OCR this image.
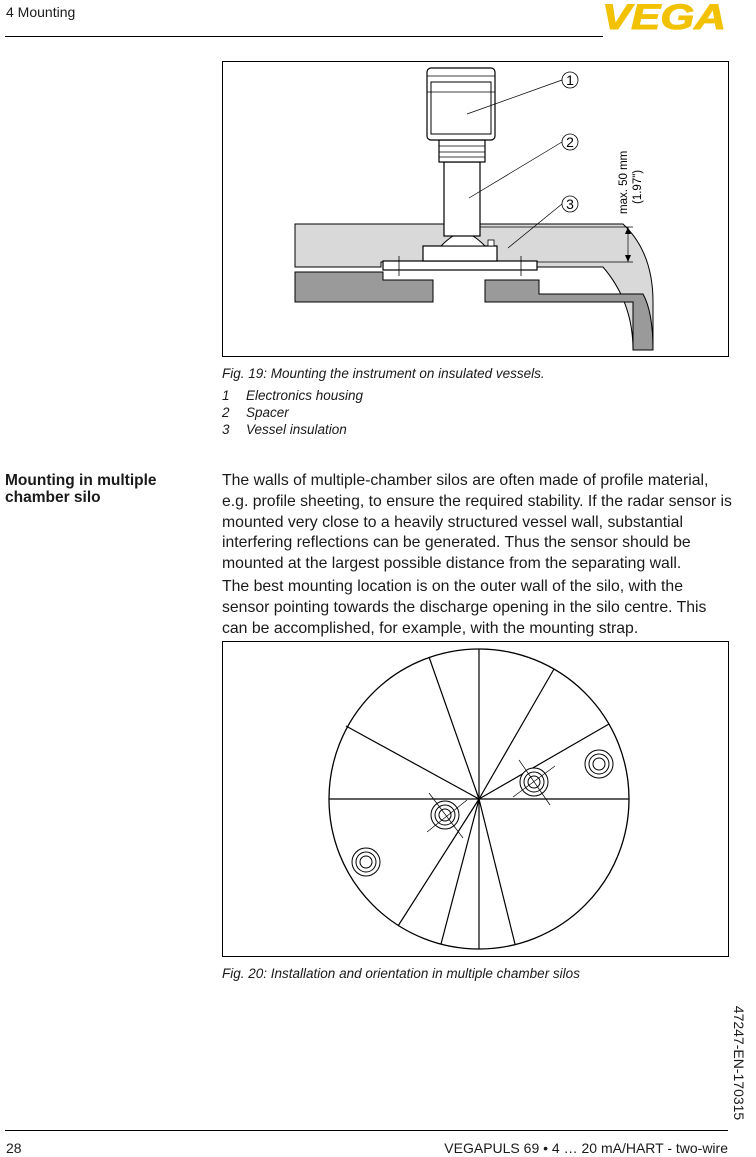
4 Mounting	VEGA
1
2
3	max. 50 mm (1.97")
Fig. 19: Mounting the instrument on insulated vessels.
1 Electronics housing
2 Spacer
3 Vessel insulation
Mounting in multiple chamber silo
The walls of multiple-chamber silos are often made of profile material, e.g. profile sheeting, to ensure the required stability. If the radar sensor is mounted very close to a heavily structured vessel wall, substantial interfering reflections can be generated. Thus the sensor should be mounted at the largest possible distance from the separating wall.
The best mounting location is on the outer wall of the silo, with the sensor pointing towards the discharge opening in the silo centre. This can be accomplished, for example, with the mounting strap.
Fig. 20: Installation and orientation in multiple chamber silos
47247-EN-170315
28	VEGAPULS 69 • 4 … 20 mA/HART - two-wire
